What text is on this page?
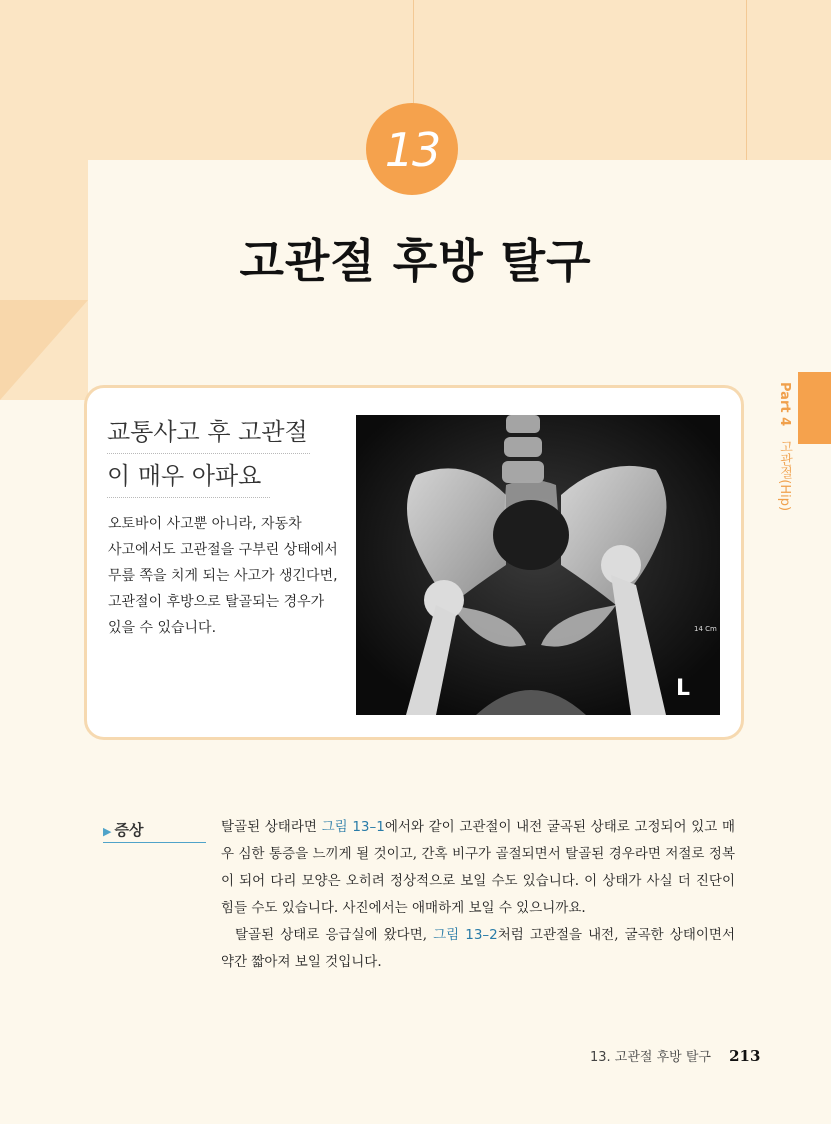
13
고관절 후방 탈구
Part 4 고관절(Hip)
교통사고 후 고관절
이 매우 아파요
오토바이 사고뿐 아니라, 자동차 사고에서도 고관절을 구부린 상태에서 무릎 쪽을 치게 되는 사고가 생긴다면, 고관절이 후방으로 탈골되는 경우가 있을 수 있습니다.	14 Cm
L
▶ 증상	탈골된 상태라면 그림 13–1에서와 같이 고관절이 내전 굴곡된 상태로 고정되어 있고 매우 심한 통증을 느끼게 될 것이고, 간혹 비구가 골절되면서 탈골된 경우라면 저절로 정복이 되어 다리 모양은 오히려 정상적으로 보일 수도 있습니다. 이 상태가 사실 더 진단이 힘들 수도 있습니다. 사진에서는 애매하게 보일 수 있으니까요.

탈골된 상태로 응급실에 왔다면, 그림 13–2처럼 고관절을 내전, 굴곡한 상태이면서 약간 짧아져 보일 것입니다.

13. 고관절 후방 탈구 213
